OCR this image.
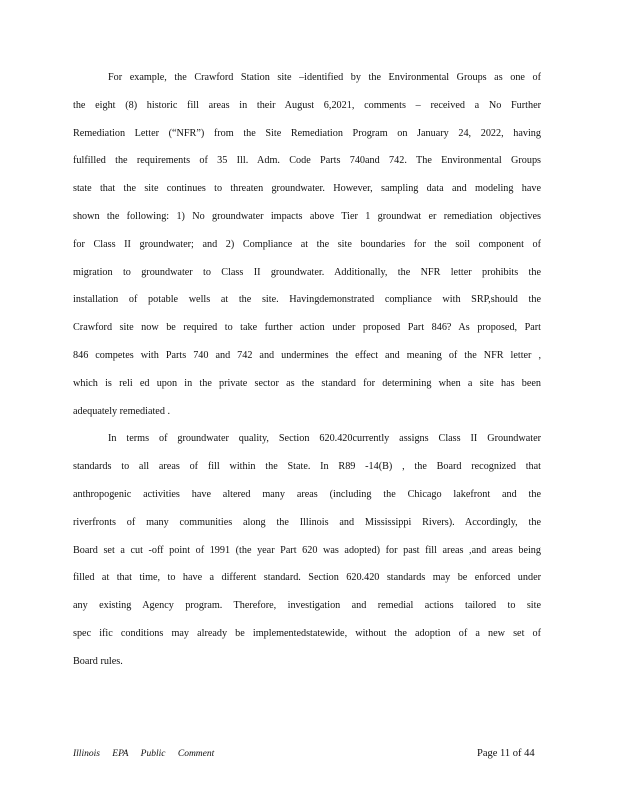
For example, the Crawford Station site –identified by the Environmental Groups as one of
the eight (8) historic fill areas in their August 6,2021, comments – received a No Further
Remediation Letter (“NFR”) from the Site Remediation Program on January 24, 2022, having
fulfilled the requirements of 35 Ill. Adm. Code Parts 740and 742. The Environmental Groups
state that the site continues to threaten groundwater. However, sampling data and modeling have
shown the following: 1) No groundwater impacts above Tier 1 groundwat er remediation objectives
for Class II groundwater; and 2) Compliance at the site boundaries for the soil component of
migration to groundwater to Class II groundwater. Additionally, the NFR letter prohibits the
installation of potable wells at the site. Havingdemonstrated compliance with SRP,should the
Crawford site now be required to take further action under proposed Part 846? As proposed, Part
846 competes with Parts 740 and 742 and undermines the effect and meaning of the NFR letter ,
which is reli ed upon in the private sector as the standard for determining when a site has been
adequately remediated .
In terms of groundwater quality, Section 620.420currently assigns Class II Groundwater
standards to all areas of fill within the State. In R89 -14(B) , the Board recognized that
anthropogenic activities have altered many areas (including the Chicago lakefront and the
riverfronts of many communities along the Illinois and Mississippi Rivers). Accordingly, the
Board set a cut -off point of 1991 (the year Part 620 was adopted) for past fill areas ,and areas being
filled at that time, to have a different standard. Section 620.420 standards may be enforced under
any existing Agency program. Therefore, investigation and remedial actions tailored to site
spec ific conditions may already be implementedstatewide, without the adoption of a new set of
Board rules.
Illinois EPA Public Comment	Page 11 of 44
